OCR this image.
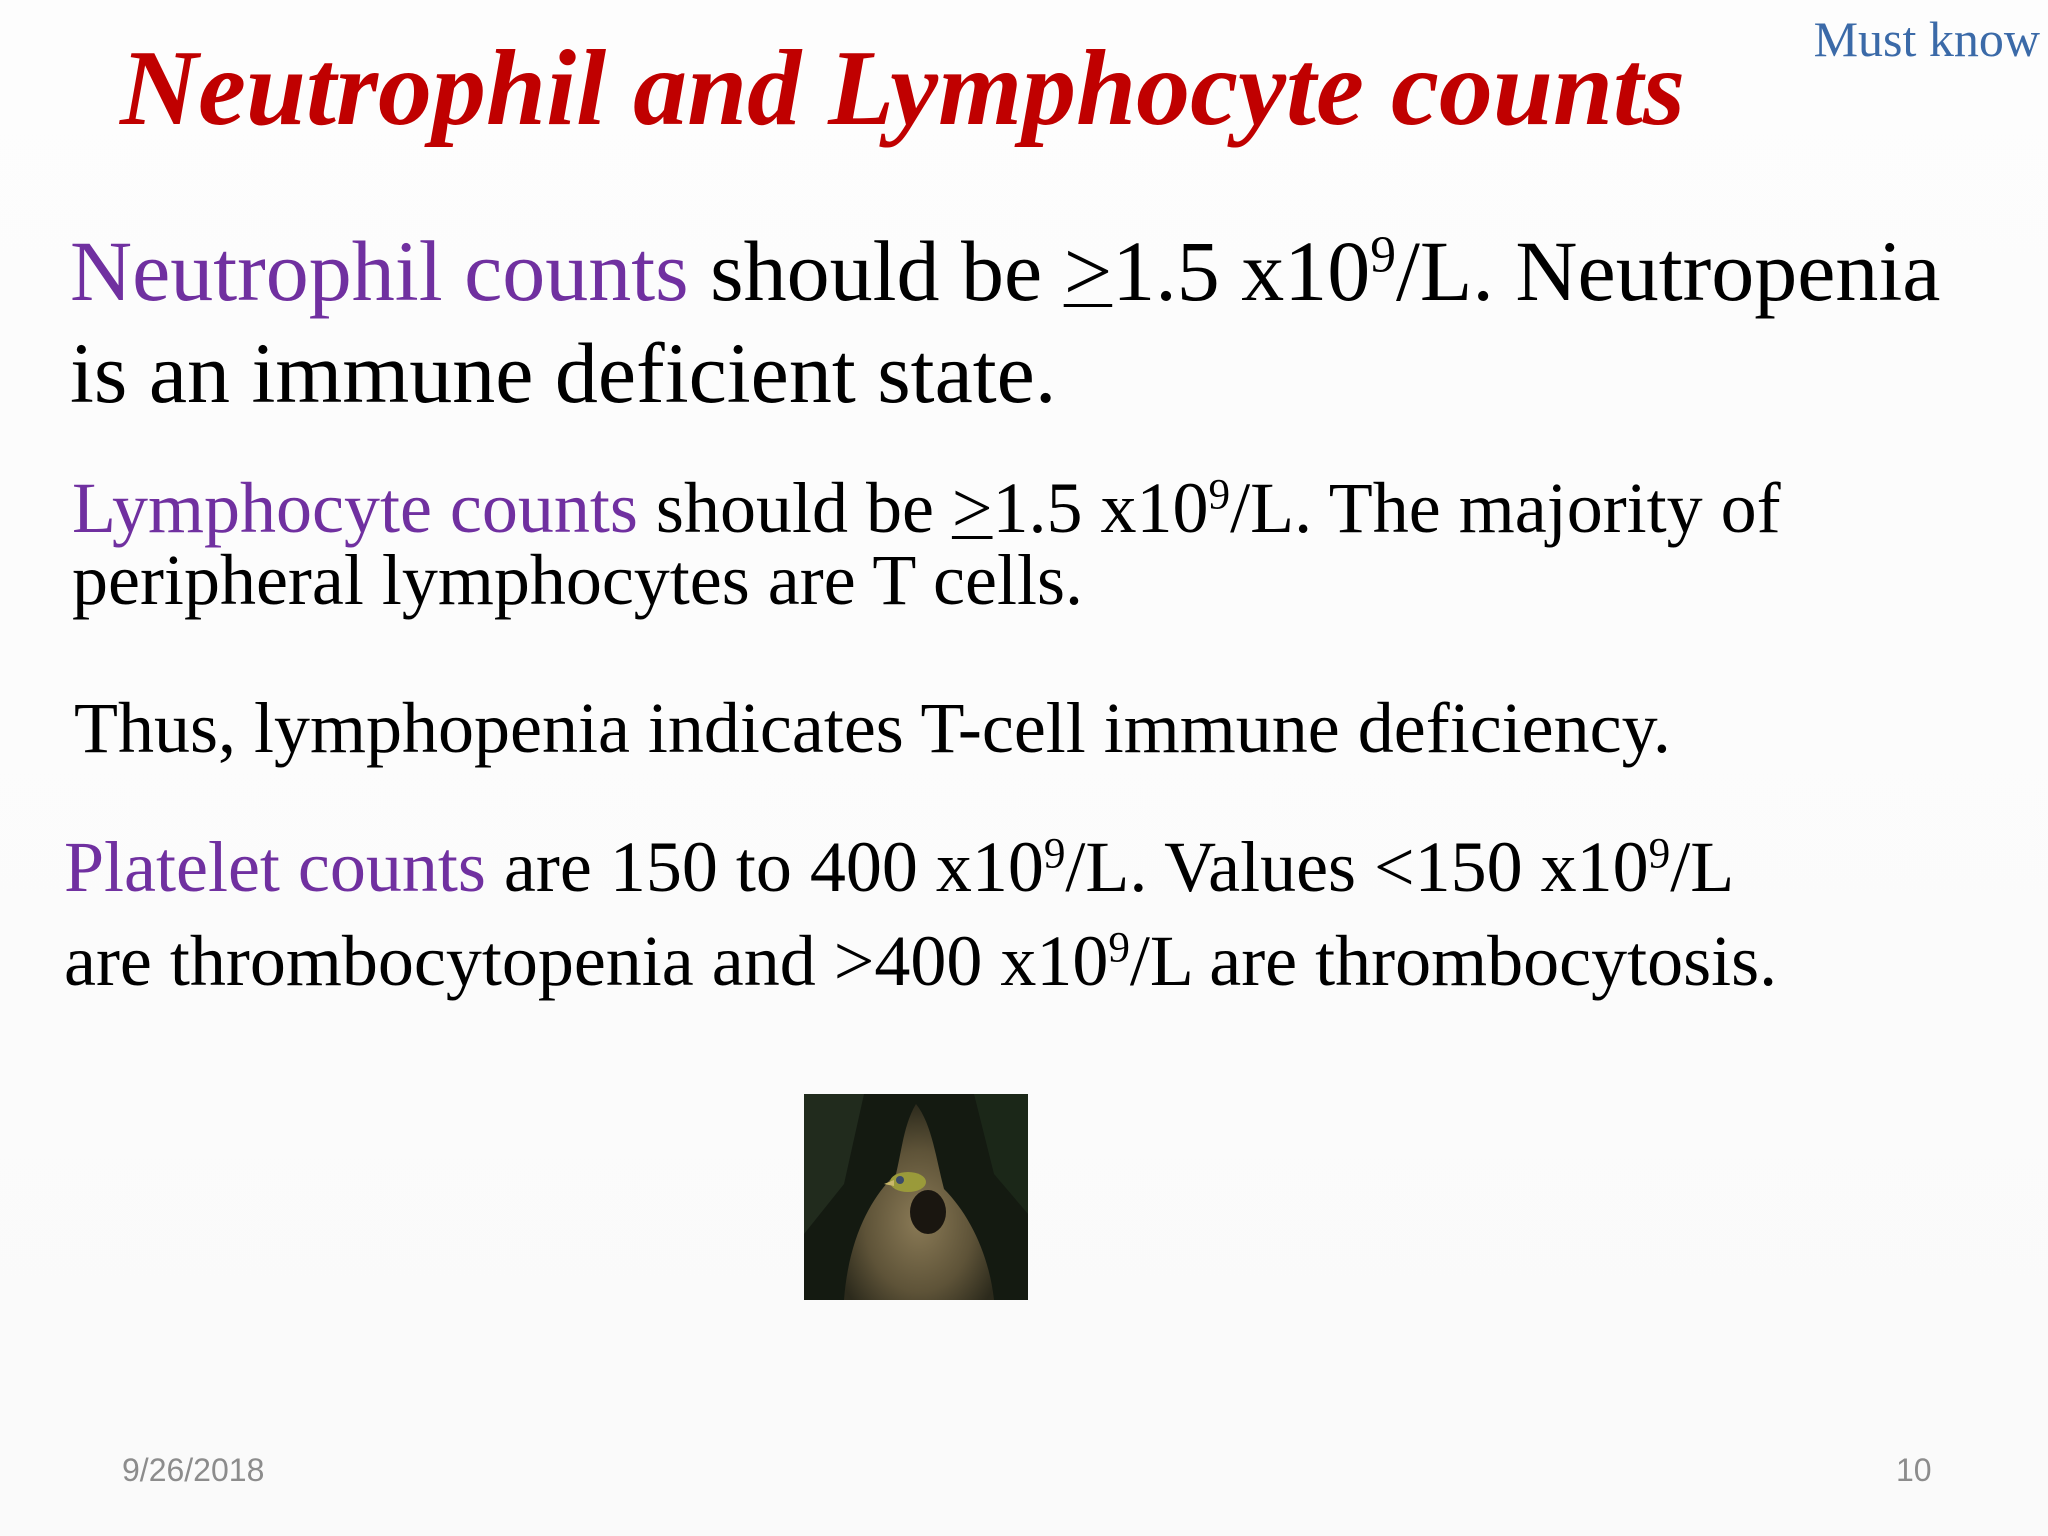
Must know
Neutrophil and Lymphocyte counts
Neutrophil counts should be ≥1.5 $x10^9/L$. Neutropenia
is an immune deficient state.
Lymphocyte counts should be ≥1.5 $x10^9/L$. The majority of
peripheral lymphocytes are T cells.
Thus, lymphopenia indicates T-cell immune deficiency.
Platelet counts are 150 to 400 $x10^9/L$. Values <150 $x10^9/L$
are thrombocytopenia and >400 $x10^9/L$ are thrombocytosis.
9/26/2018	10
